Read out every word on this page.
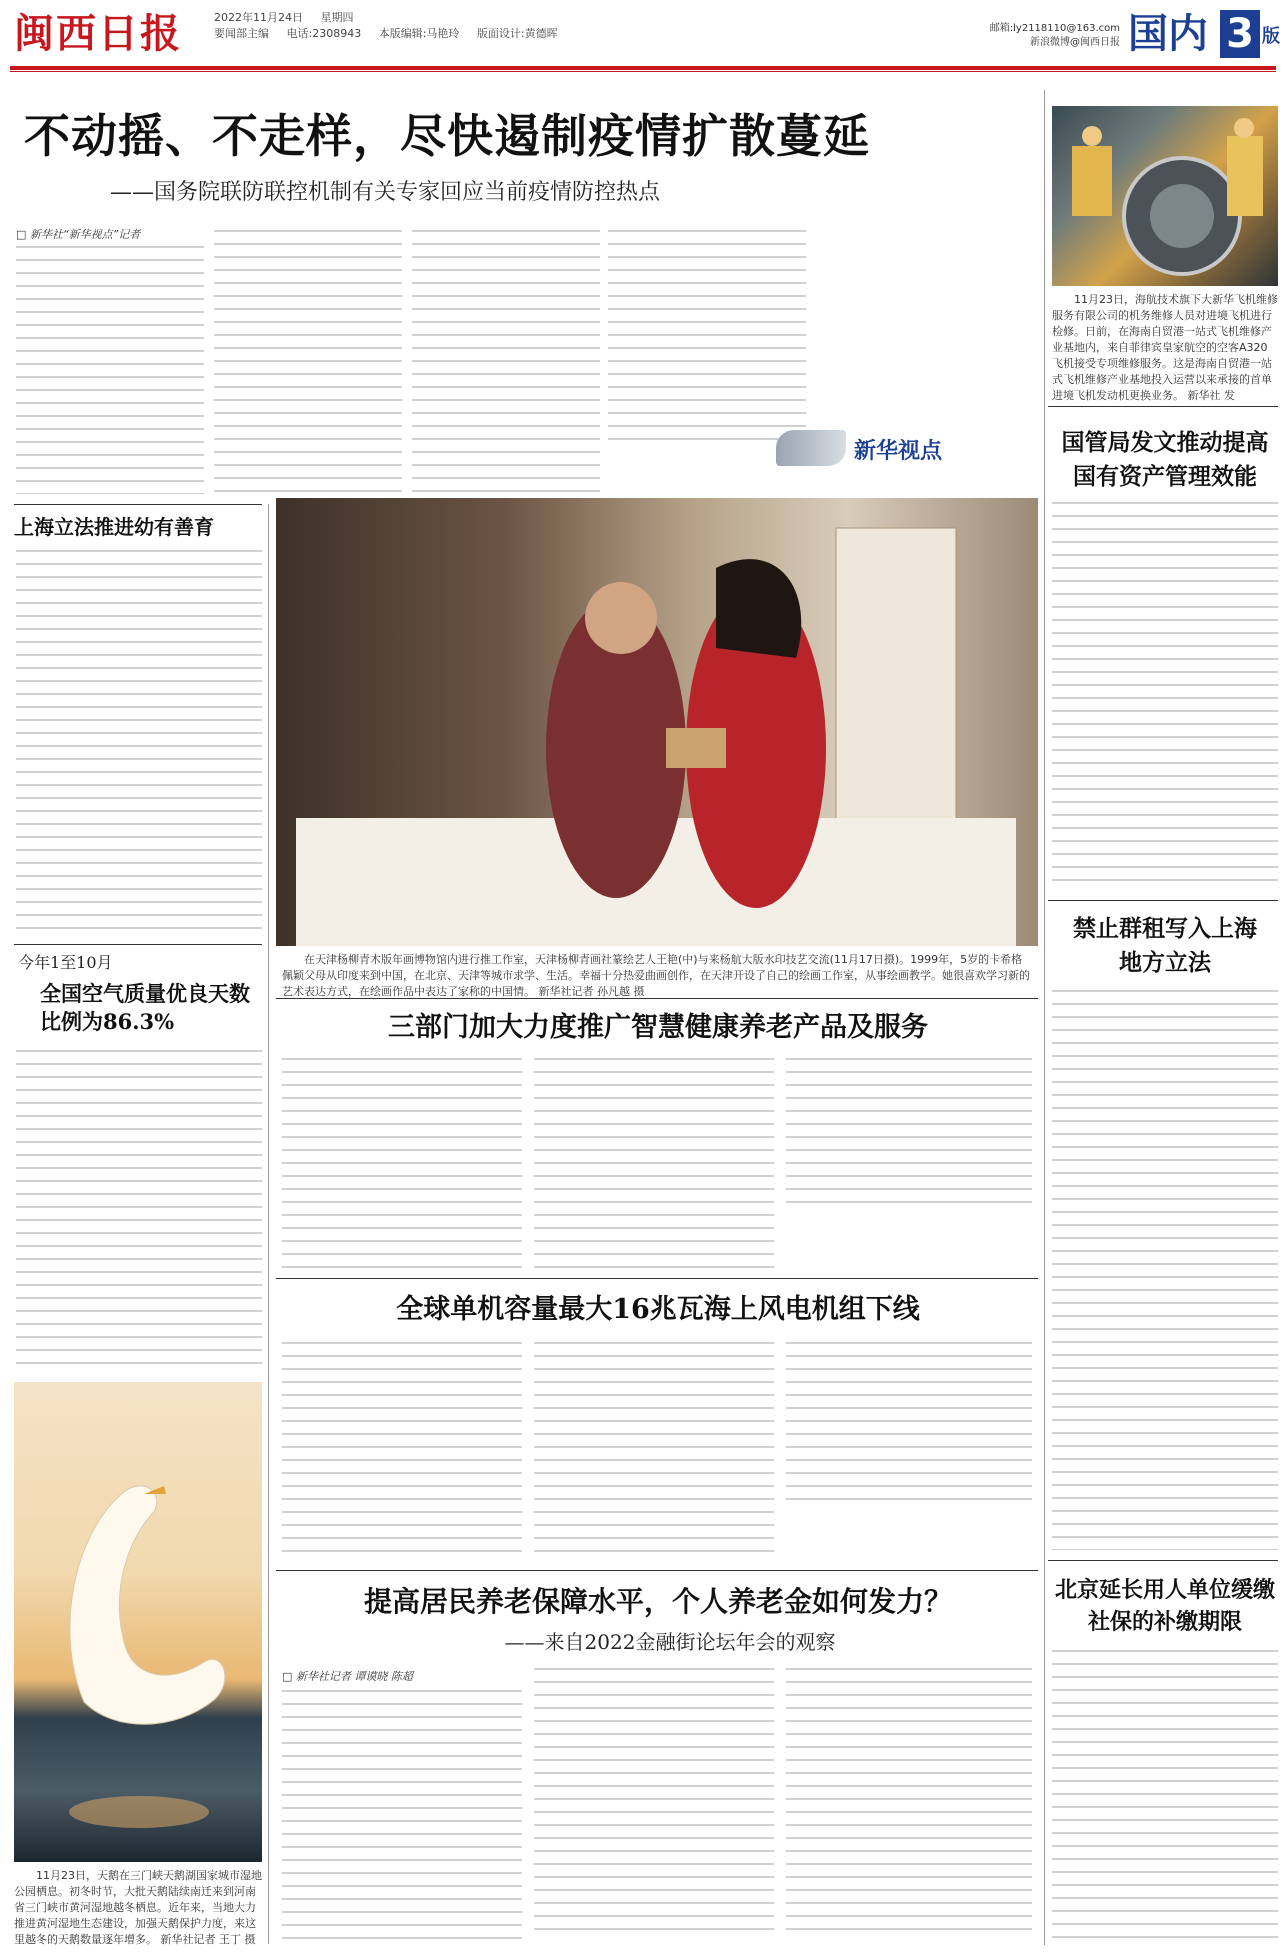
闽西日报	2022年11月24日 星期四
要闻部主编 电话:2308943 本版编辑:马艳玲 版面设计:黄德晖	邮箱:ly2118110@163.com
新浪微博@闽西日报 国内 3 版
不动摇、不走样，尽快遏制疫情扩散蔓延
——国务院联防联控机制有关专家回应当前疫情防控热点
□ 新华社“新华视点”记者
新华视点
11月23日，海航技术旗下大新华飞机维修服务有限公司的机务维修人员对进境飞机进行检修。日前，在海南自贸港一站式飞机维修产业基地内，来自菲律宾皇家航空的空客A320飞机接受专项维修服务。这是海南自贸港一站式飞机维修产业基地投入运营以来承接的首单进境飞机发动机更换业务。 新华社 发
国管局发文推动提高国有资产管理效能
禁止群租写入上海地方立法
北京延长用人单位缓缴社保的补缴期限
上海立法推进幼有善育
今年1至10月
全国空气质量优良天数比例为86.3%
11月23日，天鹅在三门峡天鹅湖国家城市湿地公园栖息。初冬时节，大批天鹅陆续南迁来到河南省三门峡市黄河湿地越冬栖息。近年来，当地大力推进黄河湿地生态建设，加强天鹅保护力度，来这里越冬的天鹅数量逐年增多。 新华社记者 王丁 摄
在天津杨柳青木版年画博物馆内进行推工作室，天津杨柳青画社篆绘艺人王艳(中)与来杨航大版水印技艺交流(11月17日摄)。1999年，5岁的卡希格佩颖父母从印度来到中国，在北京、天津等城市求学、生活。幸福十分热爱曲画创作，在天津开设了自己的绘画工作室，从事绘画教学。她很喜欢学习新的艺术表达方式，在绘画作品中表达了家称的中国情。 新华社记者 孙凡越 摄
三部门加大力度推广智慧健康养老产品及服务
全球单机容量最大16兆瓦海上风电机组下线
提高居民养老保障水平，个人养老金如何发力？
——来自2022金融街论坛年会的观察
□ 新华社记者 谭谟晓 陈超
